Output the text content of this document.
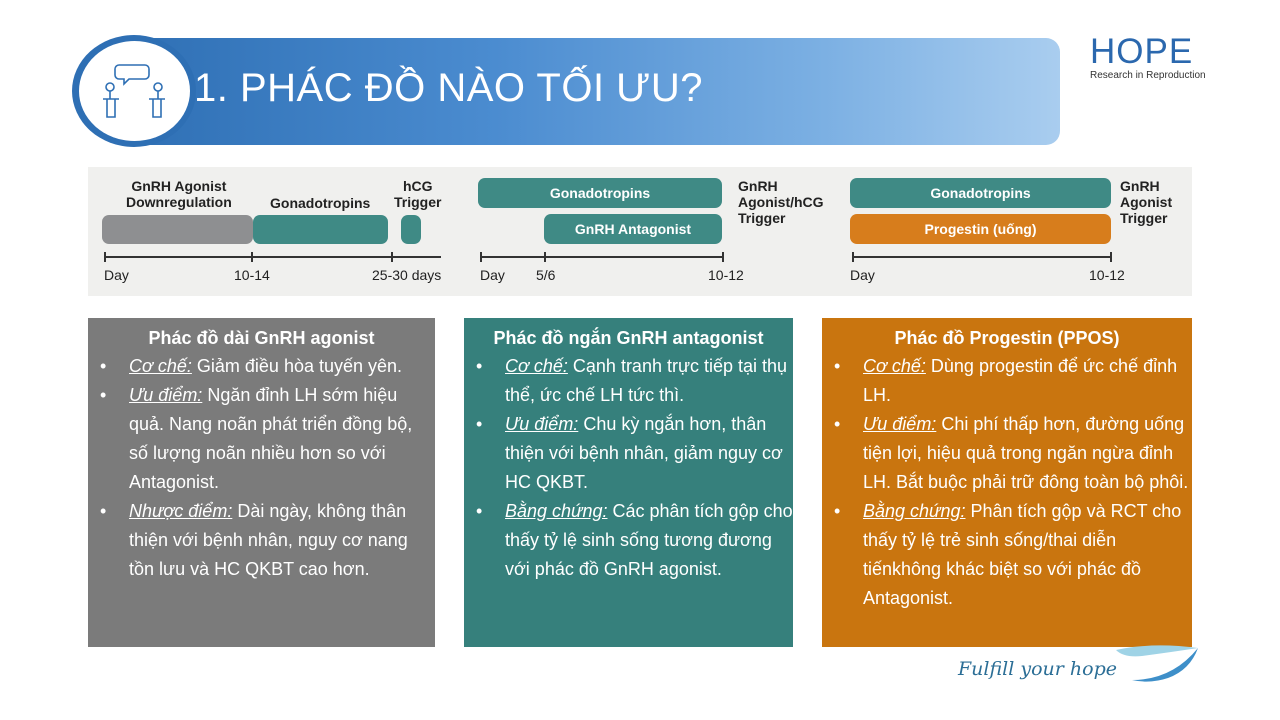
1. PHÁC ĐỒ NÀO TỐI ƯU?
HOPE
Research in Reproduction
GnRH Agonist
Downregulation	Gonadotropins
hCG
Trigger
Day	10-14	25-30 days
Gonadotropins
GnRH Antagonist
GnRH
Agonist/hCG
Trigger
Day 5/6	10-12
Gonadotropins
Progestin (uống)
GnRH
Agonist
Trigger
Day	10-12
Phác đồ dài GnRH agonist
• Cơ chế: Giảm điều hòa tuyến yên.
• Ưu điểm: Ngăn đỉnh LH sớm hiệu quả. Nang noãn phát triển đồng bộ, số lượng noãn nhiều hơn so với Antagonist.
• Nhược điểm: Dài ngày, không thân thiện với bệnh nhân, nguy cơ nang tồn lưu và HC QKBT cao hơn.
Phác đồ ngắn GnRH antagonist
• Cơ chế: Cạnh tranh trực tiếp tại thụ thể, ức chế LH tức thì.
• Ưu điểm: Chu kỳ ngắn hơn, thân thiện với bệnh nhân, giảm nguy cơ HC QKBT.
• Bằng chứng: Các phân tích gộp cho thấy tỷ lệ sinh sống tương đương với phác đồ GnRH agonist.
Phác đồ Progestin (PPOS)
• Cơ chế: Dùng progestin để ức chế đỉnh LH.
• Ưu điểm: Chi phí thấp hơn, đường uống tiện lợi, hiệu quả trong ngăn ngừa đỉnh LH. Bắt buộc phải trữ đông toàn bộ phôi.
• Bằng chứng: Phân tích gộp và RCT cho thấy tỷ lệ trẻ sinh sống/thai diễn tiếnkhông khác biệt so với phác đồ Antagonist.
Fulfill your hope
